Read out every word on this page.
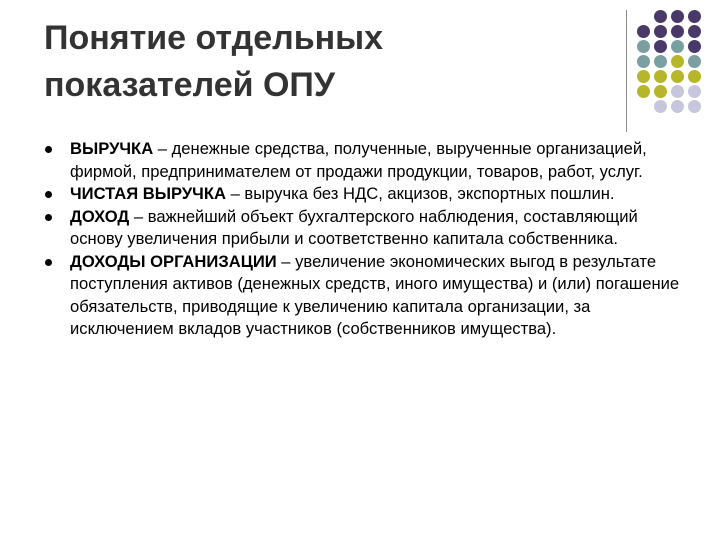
Понятие отдельных
показателей ОПУ
ВЫРУЧКА – денежные средства, полученные, вырученные организацией, фирмой, предпринимателем от продажи продукции, товаров, работ, услуг.
ЧИСТАЯ ВЫРУЧКА – выручка без НДС, акцизов, экспортных пошлин.
ДОХОД – важнейший объект бухгалтерского наблюдения, составляющий основу увеличения прибыли и соответственно капитала собственника.
ДОХОДЫ ОРГАНИЗАЦИИ – увеличение экономических выгод в результате поступления активов (денежных средств, иного имущества) и (или) погашение обязательств, приводящие к увеличению капитала организации, за исключением вкладов участников (собственников имущества).
